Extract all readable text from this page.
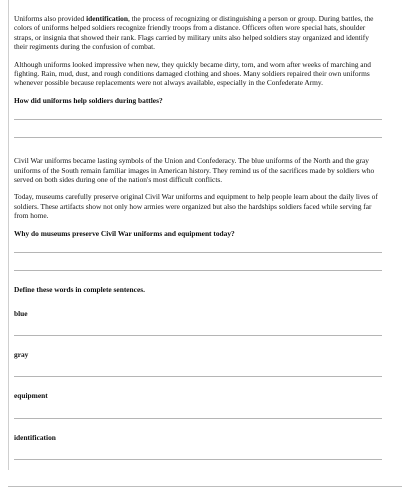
Uniforms also provided identification, the process of recognizing or distinguishing a person or group. During battles, the colors of uniforms helped soldiers recognize friendly troops from a distance. Officers often wore special hats, shoulder straps, or insignia that showed their rank. Flags carried by military units also helped soldiers stay organized and identify their regiments during the confusion of combat.

Although uniforms looked impressive when new, they quickly became dirty, torn, and worn after weeks of marching and fighting. Rain, mud, dust, and rough conditions damaged clothing and shoes. Many soldiers repaired their own uniforms whenever possible because replacements were not always available, especially in the Confederate Army.

How did uniforms help soldiers during battles?

Civil War uniforms became lasting symbols of the Union and Confederacy. The blue uniforms of the North and the gray uniforms of the South remain familiar images in American history. They remind us of the sacrifices made by soldiers who served on both sides during one of the nation's most difficult conflicts.

Today, museums carefully preserve original Civil War uniforms and equipment to help people learn about the daily lives of soldiers. These artifacts show not only how armies were organized but also the hardships soldiers faced while serving far from home.

Why do museums preserve Civil War uniforms and equipment today?

Define these words in complete sentences.

blue

gray

equipment

identification
